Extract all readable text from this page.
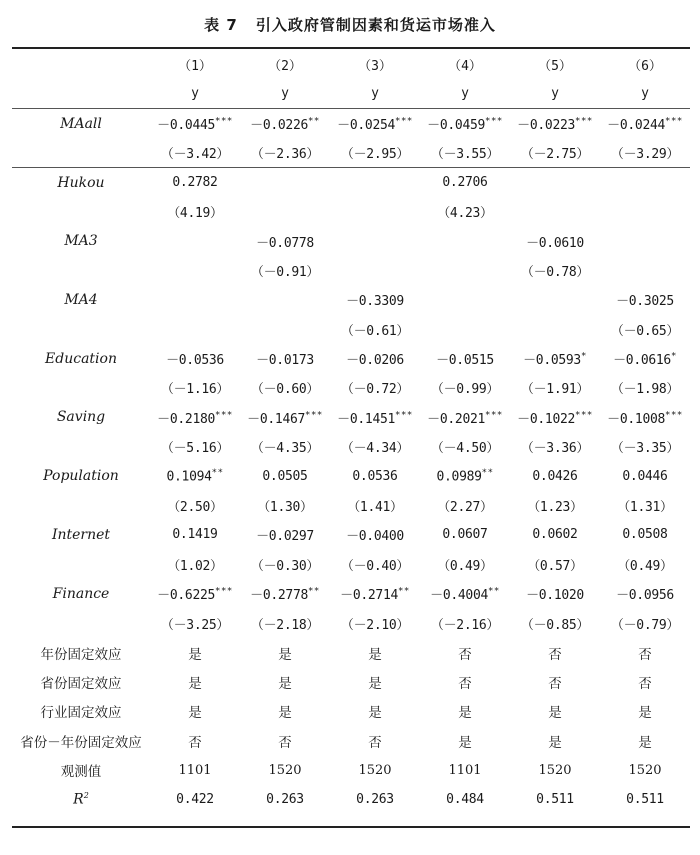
表 7 引入政府管制因素和货运市场准入
	（1）	（2）	（3）	（4）	（5）	（6）
	y	y	y	y	y	y
MAall	－0.0445***	－0.0226**	－0.0254***	－0.0459***	－0.0223***	－0.0244***
	（－3.42）	（－2.36）	（－2.95）	（－3.55）	（－2.75）	（－3.29）
Hukou	0.2782			0.2706		
	（4.19）			（4.23）		
MA3		－0.0778			－0.0610	
		（－0.91）			（－0.78）	
MA4			－0.3309			－0.3025
			（－0.61）			（－0.65）
Education	－0.0536	－0.0173	－0.0206	－0.0515	－0.0593*	－0.0616*
	（－1.16）	（－0.60）	（－0.72）	（－0.99）	（－1.91）	（－1.98）
Saving	－0.2180***	－0.1467***	－0.1451***	－0.2021***	－0.1022***	－0.1008***
	（－5.16）	（－4.35）	（－4.34）	（－4.50）	（－3.36）	（－3.35）
Population	0.1094**	0.0505	0.0536	0.0989**	0.0426	0.0446
	（2.50）	（1.30）	（1.41）	（2.27）	（1.23）	（1.31）
Internet	0.1419	－0.0297	－0.0400	0.0607	0.0602	0.0508
	（1.02）	（－0.30）	（－0.40）	（0.49）	（0.57）	（0.49）
Finance	－0.6225***	－0.2778**	－0.2714**	－0.4004**	－0.1020	－0.0956
	（－3.25）	（－2.18）	（－2.10）	（－2.16）	（－0.85）	（－0.79）
年份固定效应	是	是	是	否	否	否
省份固定效应	是	是	是	否	否	否
行业固定效应	是	是	是	是	是	是
省份－年份固定效应	否	否	否	是	是	是
观测值	1101	1520	1520	1101	1520	1520
$R^2$	0.422	0.263	0.263	0.484	0.511	0.511
